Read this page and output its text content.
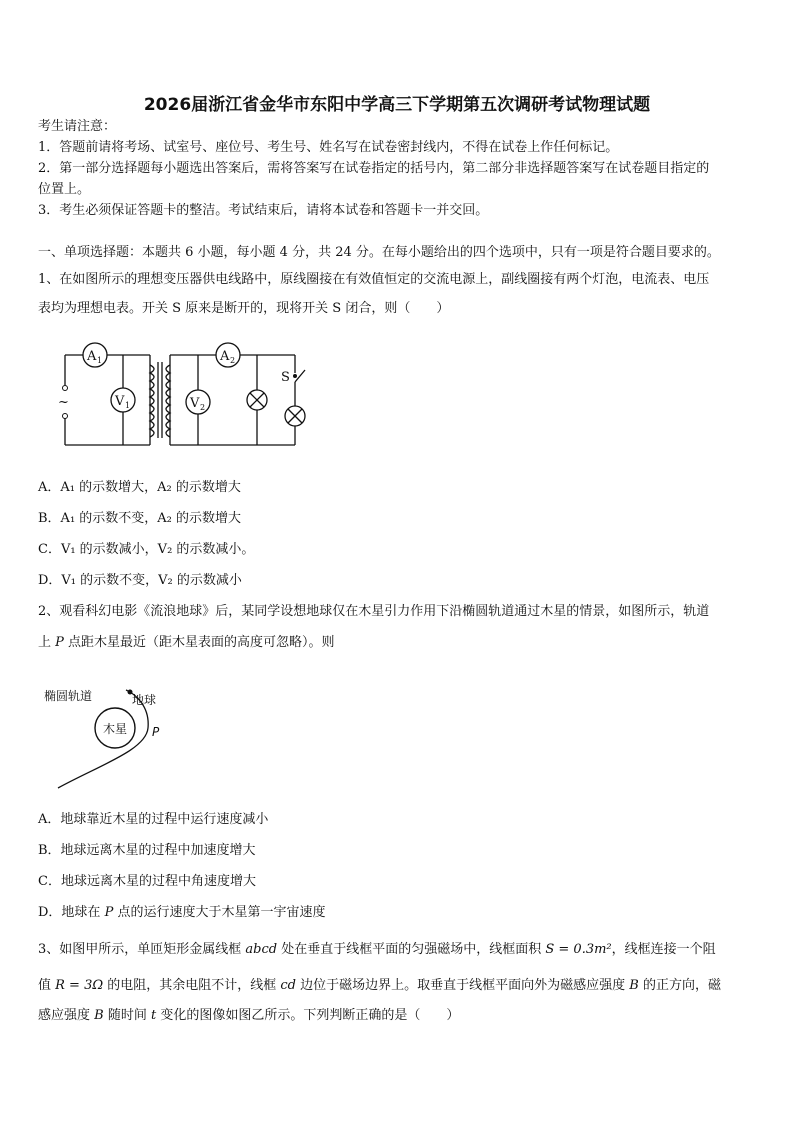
2026届浙江省金华市东阳中学高三下学期第五次调研考试物理试题
考生请注意：
1．答题前请将考场、试室号、座位号、考生号、姓名写在试卷密封线内，不得在试卷上作任何标记。
2．第一部分选择题每小题选出答案后，需将答案写在试卷指定的括号内，第二部分非选择题答案写在试卷题目指定的
位置上。
3．考生必须保证答题卡的整洁。考试结束后，请将本试卷和答题卡一并交回。
一、单项选择题：本题共 6 小题，每小题 4 分，共 24 分。在每小题给出的四个选项中，只有一项是符合题目要求的。
1、在如图所示的理想变压器供电线路中，原线圈接在有效值恒定的交流电源上，副线圈接有两个灯泡，电流表、电压
表均为理想电表。开关 S 原来是断开的，现将开关 S 闭合，则（　　）
~
A 1
V 1
A 2
V 2
S
A．A₁ 的示数增大，A₂ 的示数增大
B．A₁ 的示数不变，A₂ 的示数增大
C．V₁ 的示数减小，V₂ 的示数减小。
D．V₁ 的示数不变，V₂ 的示数减小
2、观看科幻电影《流浪地球》后，某同学设想地球仅在木星引力作用下沿椭圆轨道通过木星的情景，如图所示，轨道
上 P 点距木星最近（距木星表面的高度可忽略）。则
椭圆轨道	地球
木星 P
A．地球靠近木星的过程中运行速度减小
B．地球远离木星的过程中加速度增大
C．地球远离木星的过程中角速度增大
D．地球在 P 点的运行速度大于木星第一宇宙速度
3、如图甲所示，单匝矩形金属线框 abcd 处在垂直于线框平面的匀强磁场中，线框面积 S = 0.3m²，线框连接一个阻
值 R = 3Ω 的电阻，其余电阻不计，线框 cd 边位于磁场边界上。取垂直于线框平面向外为磁感应强度 B 的正方向，磁
感应强度 B 随时间 t 变化的图像如图乙所示。下列判断正确的是（　　）
